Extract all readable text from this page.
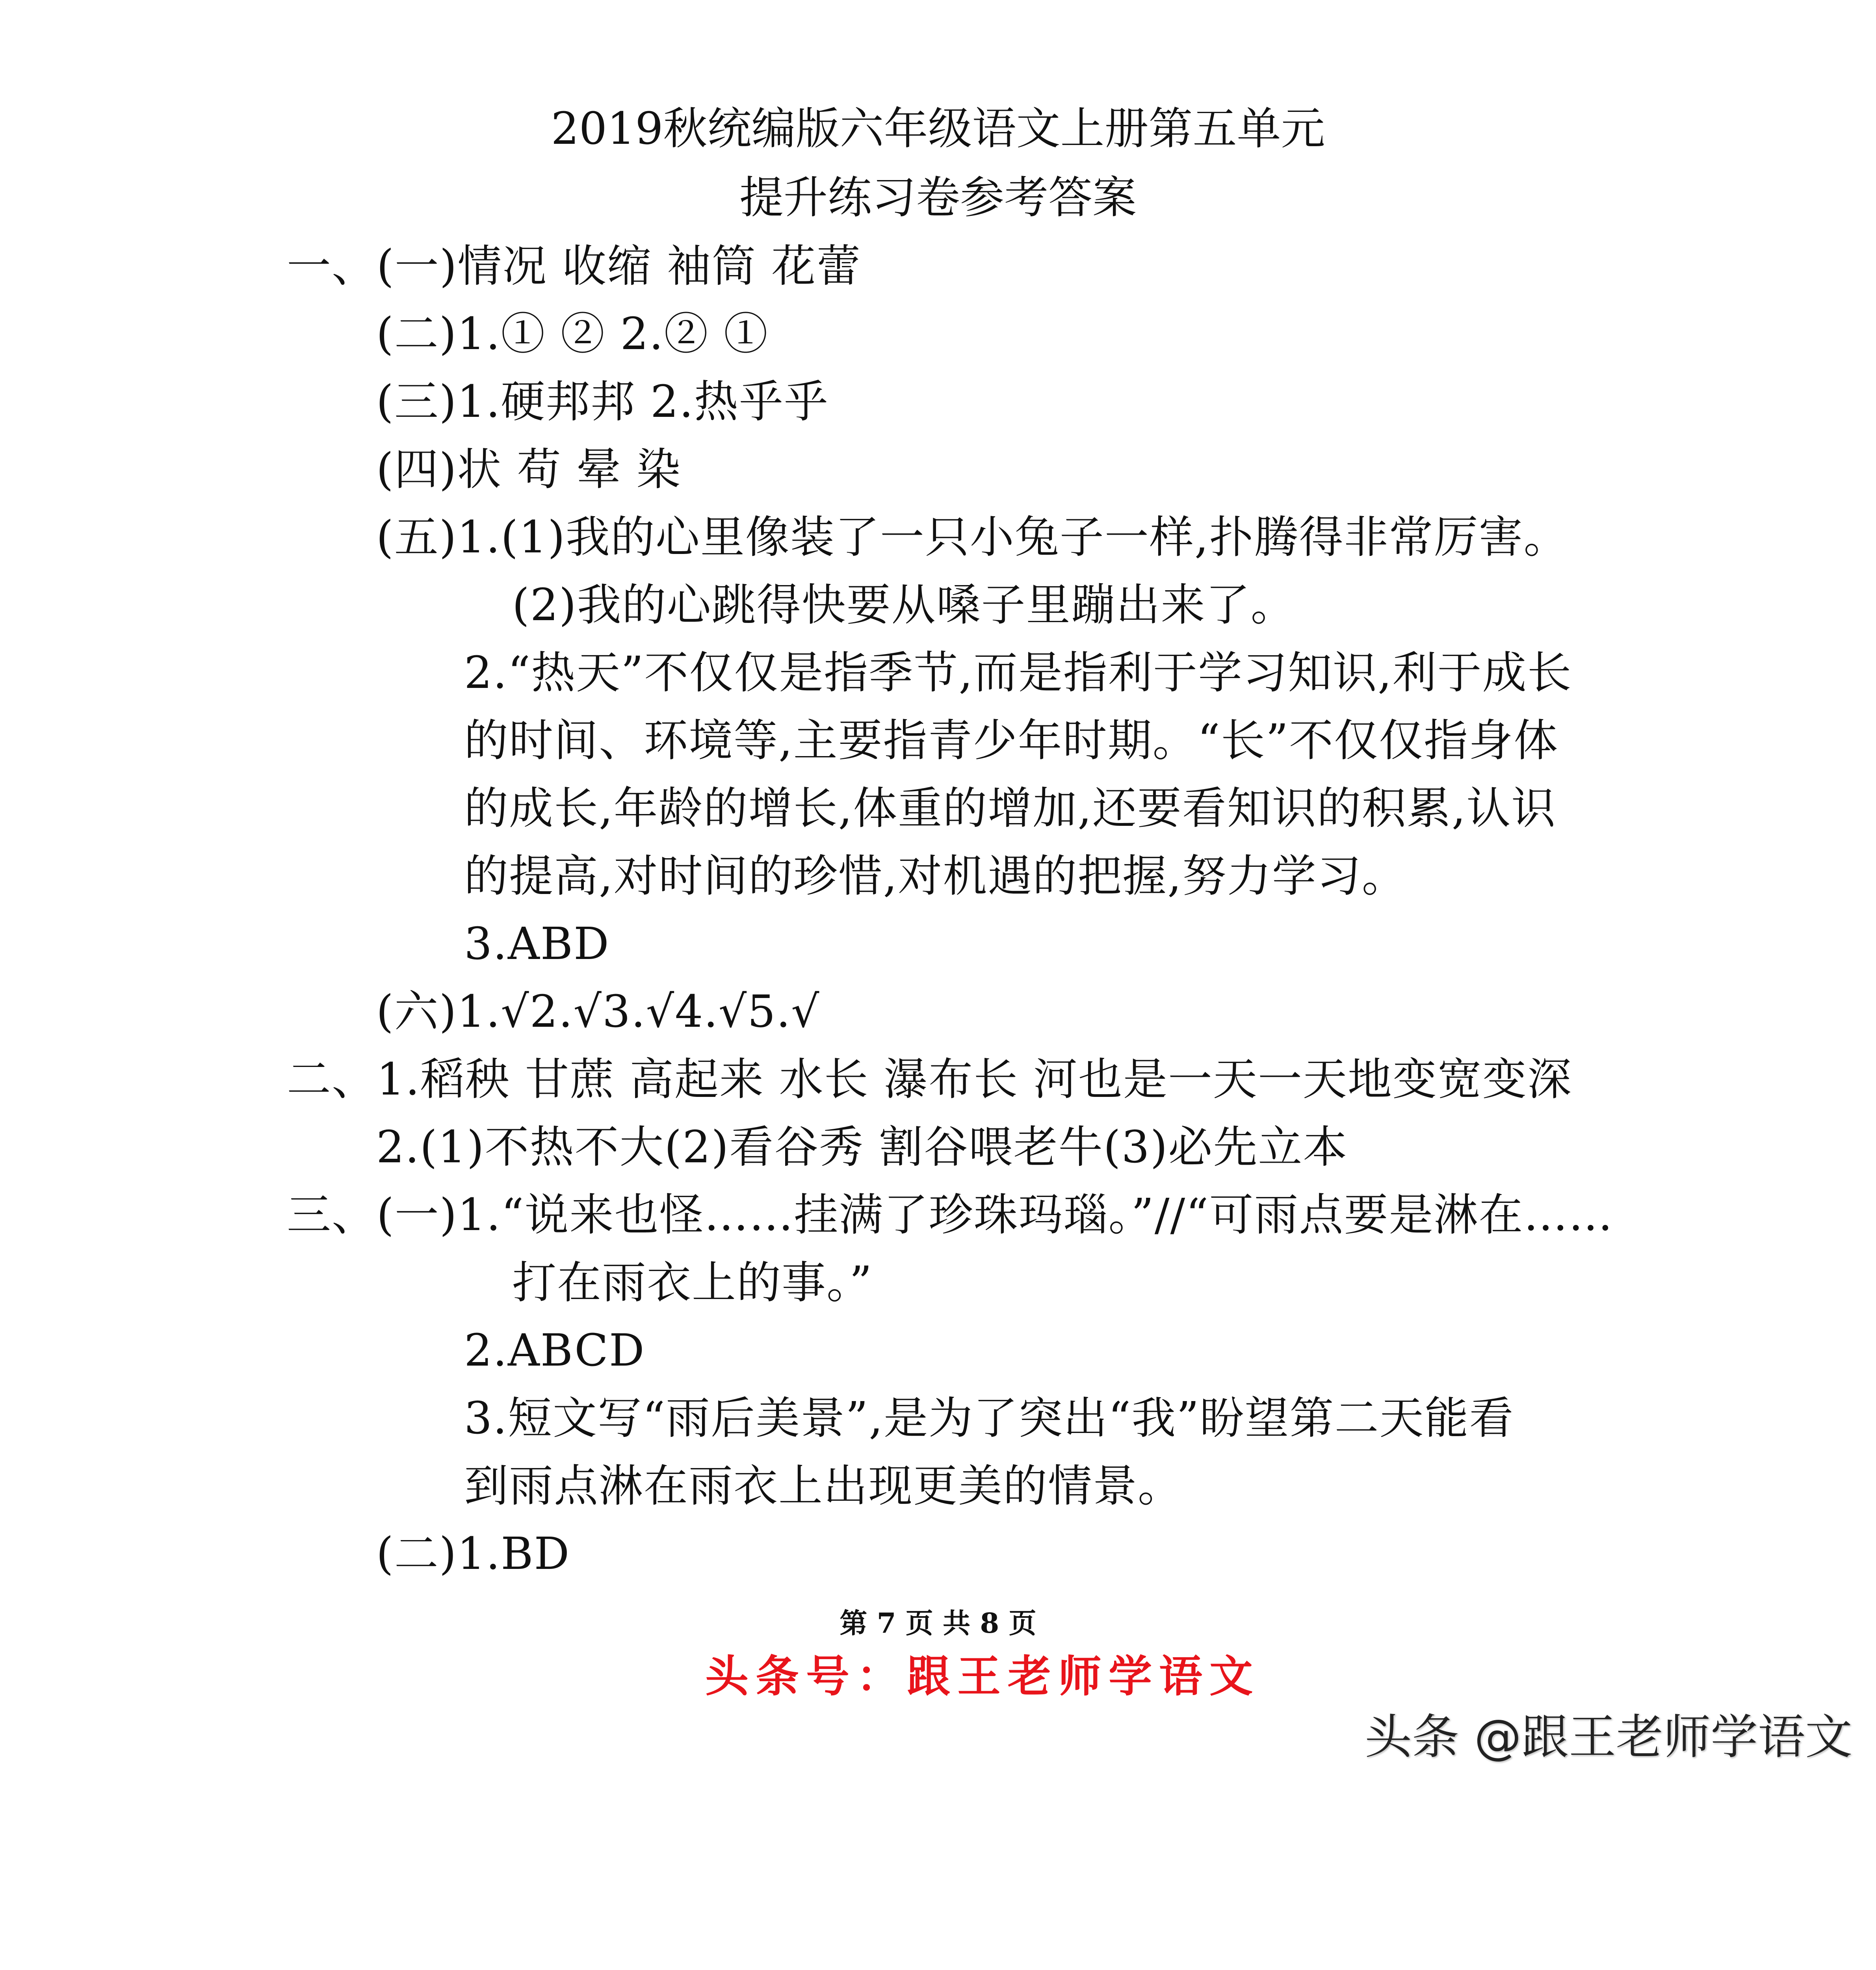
2019秋统编版六年级语文上册第五单元
提升练习卷参考答案
一、(一)情况 收缩 袖筒 花蕾
(二)1.① ② 2.② ①
(三)1.硬邦邦 2.热乎乎
(四)状 苟 晕 染
(五)1.(1)我的心里像装了一只小兔子一样,扑腾得非常厉害。
(2)我的心跳得快要从嗓子里蹦出来了。
2.“热天”不仅仅是指季节,而是指利于学习知识,利于成长
的时间、环境等,主要指青少年时期。“长”不仅仅指身体
的成长,年龄的增长,体重的增加,还要看知识的积累,认识
的提高,对时间的珍惜,对机遇的把握,努力学习。
3.ABD
(六)1.√2.√3.√4.√5.√
二、1.稻秧 甘蔗 高起来 水长 瀑布长 河也是一天一天地变宽变深
2.(1)不热不大(2)看谷秀 割谷喂老牛(3)必先立本
三、(一)1.“说来也怪……挂满了珍珠玛瑙。”//“可雨点要是淋在……
打在雨衣上的事。”
2.ABCD
3.短文写“雨后美景”,是为了突出“我”盼望第二天能看
到雨点淋在雨衣上出现更美的情景。
(二)1.BD
第 7 页 共 8 页
头条号：跟王老师学语文
头条 @跟王老师学语文
